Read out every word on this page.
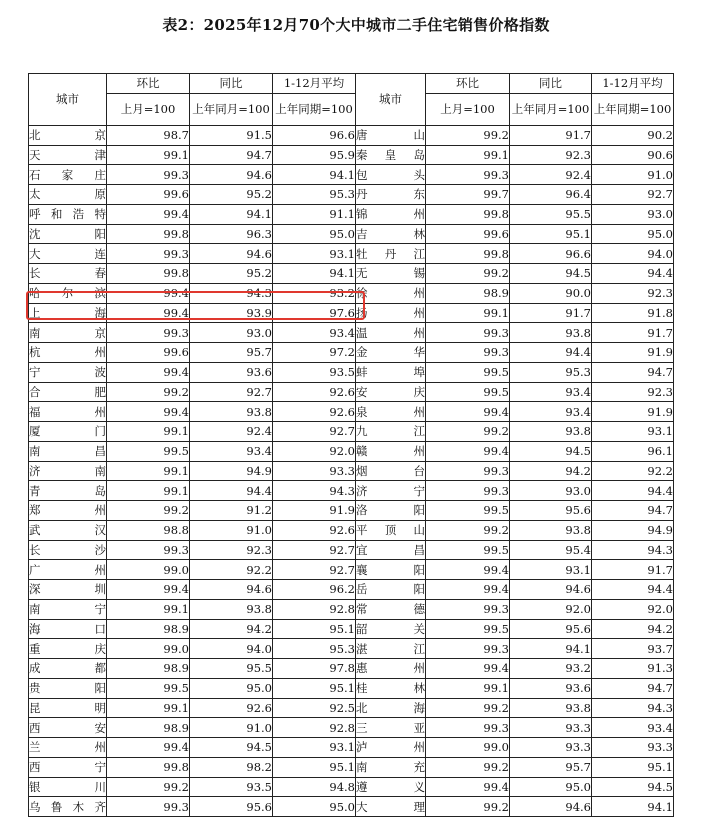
表2：2025年12月70个大中城市二手住宅销售价格指数
城市	环比	同比	1-12月平均	城市	环比	同比	1-12月平均
	上月=100	上年同月=100	上年同期=100		上月=100	上年同月=100	上年同期=100
北京	98.7	91.5	96.6	唐山	99.2	91.7	90.2
天津	99.1	94.7	95.9	秦皇岛	99.1	92.3	90.6
石家庄	99.3	94.6	94.1	包头	99.3	92.4	91.0
太原	99.6	95.2	95.3	丹东	99.7	96.4	92.7
呼和浩特	99.4	94.1	91.1	锦州	99.8	95.5	93.0
沈阳	99.8	96.3	95.0	吉林	99.6	95.1	95.0
大连	99.3	94.6	93.1	牡丹江	99.8	96.6	94.0
长春	99.8	95.2	94.1	无锡	99.2	94.5	94.4
哈尔滨	99.4	94.3	93.2	徐州	98.9	90.0	92.3
上海	99.4	93.9	97.6	扬州	99.1	91.7	91.8
南京	99.3	93.0	93.4	温州	99.3	93.8	91.7
杭州	99.6	95.7	97.2	金华	99.3	94.4	91.9
宁波	99.4	93.6	93.5	蚌埠	99.5	95.3	94.7
合肥	99.2	92.7	92.6	安庆	99.5	93.4	92.3
福州	99.4	93.8	92.6	泉州	99.4	93.4	91.9
厦门	99.1	92.4	92.7	九江	99.2	93.8	93.1
南昌	99.5	93.4	92.0	赣州	99.4	94.5	96.1
济南	99.1	94.9	93.3	烟台	99.3	94.2	92.2
青岛	99.1	94.4	94.3	济宁	99.3	93.0	94.4
郑州	99.2	91.2	91.9	洛阳	99.5	95.6	94.7
武汉	98.8	91.0	92.6	平顶山	99.2	93.8	94.9
长沙	99.3	92.3	92.7	宜昌	99.5	95.4	94.3
广州	99.0	92.2	92.7	襄阳	99.4	93.1	91.7
深圳	99.4	94.6	96.2	岳阳	99.4	94.6	94.4
南宁	99.1	93.8	92.8	常德	99.3	92.0	92.0
海口	98.9	94.2	95.1	韶关	99.5	95.6	94.2
重庆	99.0	94.0	95.3	湛江	99.3	94.1	93.7
成都	98.9	95.5	97.8	惠州	99.4	93.2	91.3
贵阳	99.5	95.0	95.1	桂林	99.1	93.6	94.7
昆明	99.1	92.6	92.5	北海	99.2	93.8	94.3
西安	98.9	91.0	92.8	三亚	99.3	93.3	93.4
兰州	99.4	94.5	93.1	泸州	99.0	93.3	93.3
西宁	99.8	98.2	95.1	南充	99.2	95.7	95.1
银川	99.2	93.5	94.8	遵义	99.4	95.0	94.5
乌鲁木齐	99.3	95.6	95.0	大理	99.2	94.6	94.1
